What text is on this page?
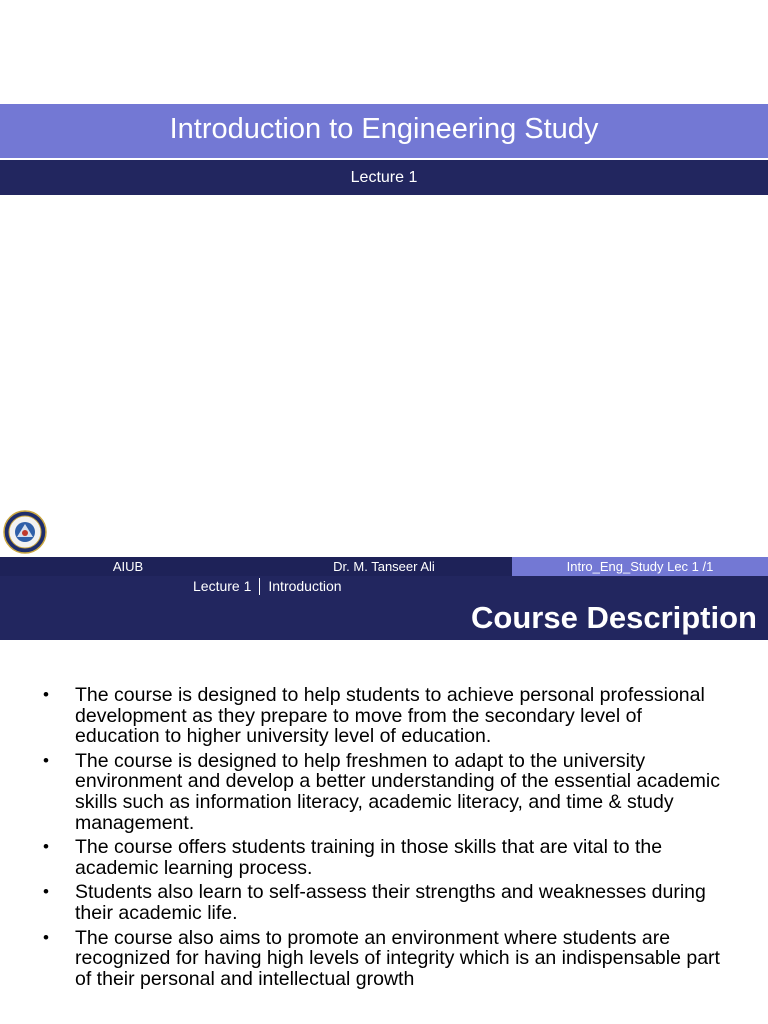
Introduction to Engineering Study
Lecture 1
AIUB	Dr. M. Tanseer Ali	Intro_Eng_Study Lec 1 /1
Lecture 1 Introduction
Course Description
• The course is designed to help students to achieve personal professional development as they prepare to move from the secondary level of education to higher university level of education.
• The course is designed to help freshmen to adapt to the university environment and develop a better understanding of the essential academic skills such as information literacy, academic literacy, and time & study management.
• The course offers students training in those skills that are vital to the academic learning process.
• Students also learn to self-assess their strengths and weaknesses during their academic life.
• The course also aims to promote an environment where students are recognized for having high levels of integrity which is an indispensable part of their personal and intellectual growth
